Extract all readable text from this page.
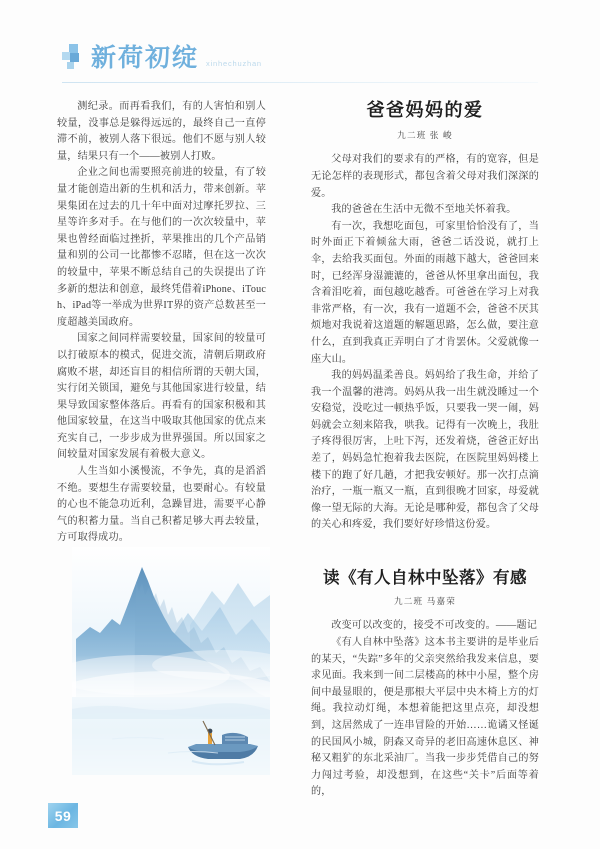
新荷初绽 xinhechuzhan

测纪录。而再看我们，有的人害怕和别人较量，没事总是躲得远远的，最终自己一直停滞不前，被别人落下很远。他们不愿与别人较量，结果只有一个——被别人打败。

企业之间也需要照亮前进的较量，有了较量才能创造出新的生机和活力，带来创新。苹果集团在过去的几十年中面对过摩托罗拉、三星等许多对手。在与他们的一次次较量中，苹果也曾经面临过挫折，苹果推出的几个产品销量和别的公司一比都惨不忍睹，但在这一次次的较量中，苹果不断总结自己的失误提出了许多新的想法和创意，最终凭借着iPhone、iTouch、iPad等一举成为世界IT界的资产总数甚至一度超越美国政府。

国家之间同样需要较量，国家间的较量可以打破原本的模式，促进交流，清朝后期政府腐败不堪，却还盲目的相信所谓的天朝大国，实行闭关锁国，避免与其他国家进行较量，结果导致国家整体落后。再看有的国家积极和其他国家较量，在这当中吸取其他国家的优点来充实自己，一步步成为世界强国。所以国家之间较量对国家发展有着极大意义。

人生当如小溪慢流，不争先，真的是滔滔不绝。要想生存需要较量，也要耐心。有较量的心也不能急功近利，急躁冒进，需要平心静气的积蓄力量。当自己积蓄足够大再去较量，方可取得成功。

59
爸爸妈妈的爱
九二班 张 峻

父母对我们的要求有的严格，有的宽容，但是无论怎样的表现形式，都包含着父母对我们深深的爱。

我的爸爸在生活中无微不至地关怀着我。

有一次，我想吃面包，可家里恰恰没有了，当时外面正下着倾盆大雨，爸爸二话没说，就打上伞，去给我买面包。外面的雨越下越大，爸爸回来时，已经浑身湿漉漉的，爸爸从怀里拿出面包，我含着泪吃着，面包越吃越香。可爸爸在学习上对我非常严格，有一次，我有一道题不会，爸爸不厌其烦地对我说着这道题的解题思路，怎么做，要注意什么，直到我真正弄明白了才肯罢休。父爱就像一座大山。

我的妈妈温柔善良。妈妈给了我生命，并给了我一个温馨的港湾。妈妈从我一出生就没睡过一个安稳觉，没吃过一顿热乎饭，只要我一哭一闹，妈妈就会立刻来陪我，哄我。记得有一次晚上，我肚子疼得很厉害，上吐下泻，还发着烧，爸爸正好出差了，妈妈急忙抱着我去医院，在医院里妈妈楼上楼下的跑了好几趟，才把我安顿好。那一次打点滴治疗，一瓶一瓶又一瓶，直到很晚才回家，母爱就像一望无际的大海。无论是哪种爱，都包含了父母的关心和疼爱，我们要好好珍惜这份爱。

读《有人自林中坠落》有感
九二班 马嘉荣

改变可以改变的，接受不可改变的。——题记

《有人自林中坠落》这本书主要讲的是毕业后的某天，“失踪”多年的父亲突然给我发来信息，要求见面。我来到一间二层楼高的林中小屋，整个房间中最显眼的，便是那根大平层中央木椅上方的灯绳。我拉动灯绳，本想着能把这里点亮，却没想到，这居然成了一连串冒险的开始……诡谲又怪诞的民国风小城，阴森又奇异的老旧高速休息区、神秘又粗犷的东北采油厂。当我一步步凭借自己的努力闯过考验，却没想到，在这些“关卡”后面等着的，
